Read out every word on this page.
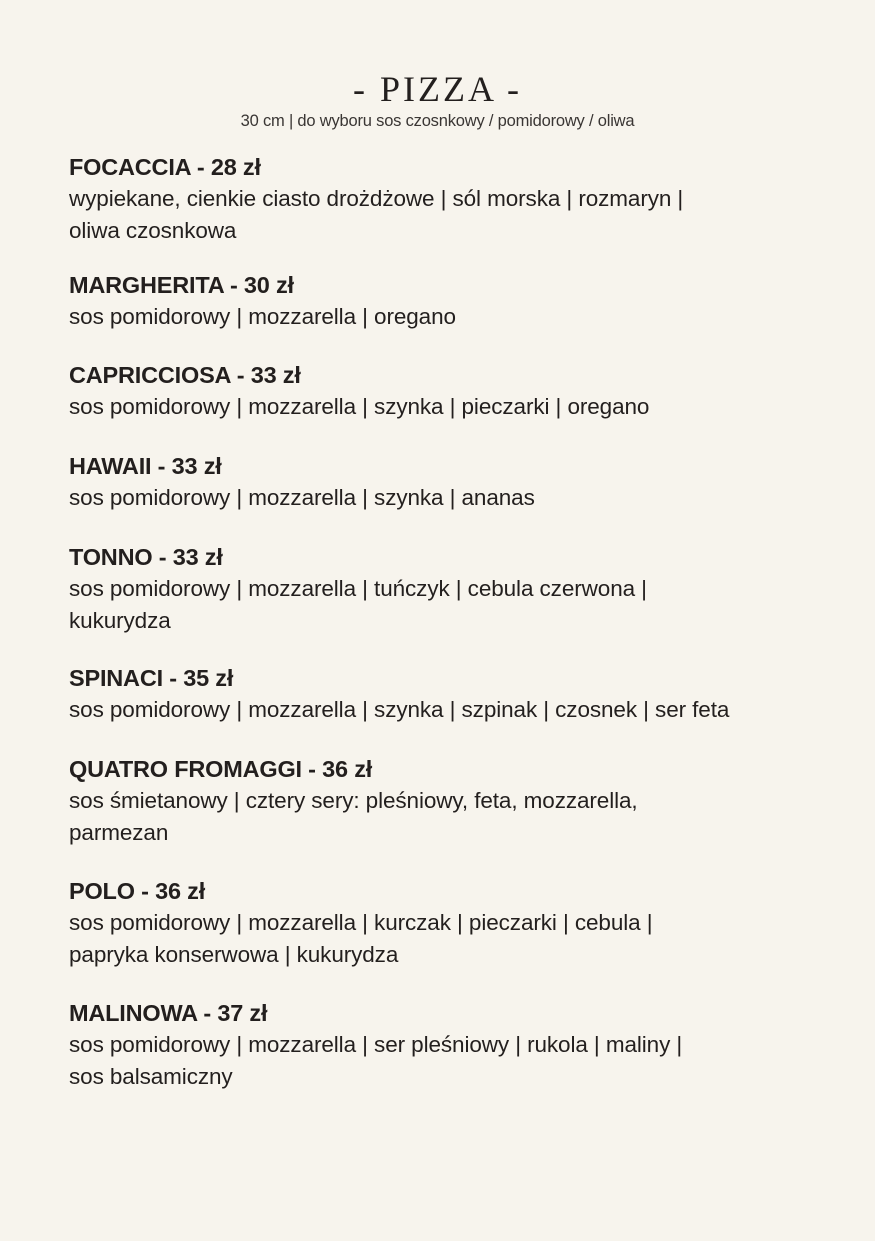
- PIZZA -
30 cm | do wyboru sos czosnkowy / pomidorowy / oliwa
FOCACCIA - 28 zł
wypiekane, cienkie ciasto drożdżowe | sól morska | rozmaryn |
oliwa czosnkowa
MARGHERITA - 30 zł
sos pomidorowy | mozzarella | oregano
CAPRICCIOSA - 33 zł
sos pomidorowy | mozzarella | szynka | pieczarki | oregano
HAWAII - 33 zł
sos pomidorowy | mozzarella | szynka | ananas
TONNO - 33 zł
sos pomidorowy | mozzarella | tuńczyk | cebula czerwona |
kukurydza
SPINACI - 35 zł
sos pomidorowy | mozzarella | szynka | szpinak | czosnek | ser feta
QUATRO FROMAGGI - 36 zł
sos śmietanowy | cztery sery: pleśniowy, feta, mozzarella,
parmezan
POLO - 36 zł
sos pomidorowy | mozzarella | kurczak | pieczarki | cebula |
papryka konserwowa | kukurydza
MALINOWA - 37 zł
sos pomidorowy | mozzarella | ser pleśniowy | rukola | maliny |
sos balsamiczny
